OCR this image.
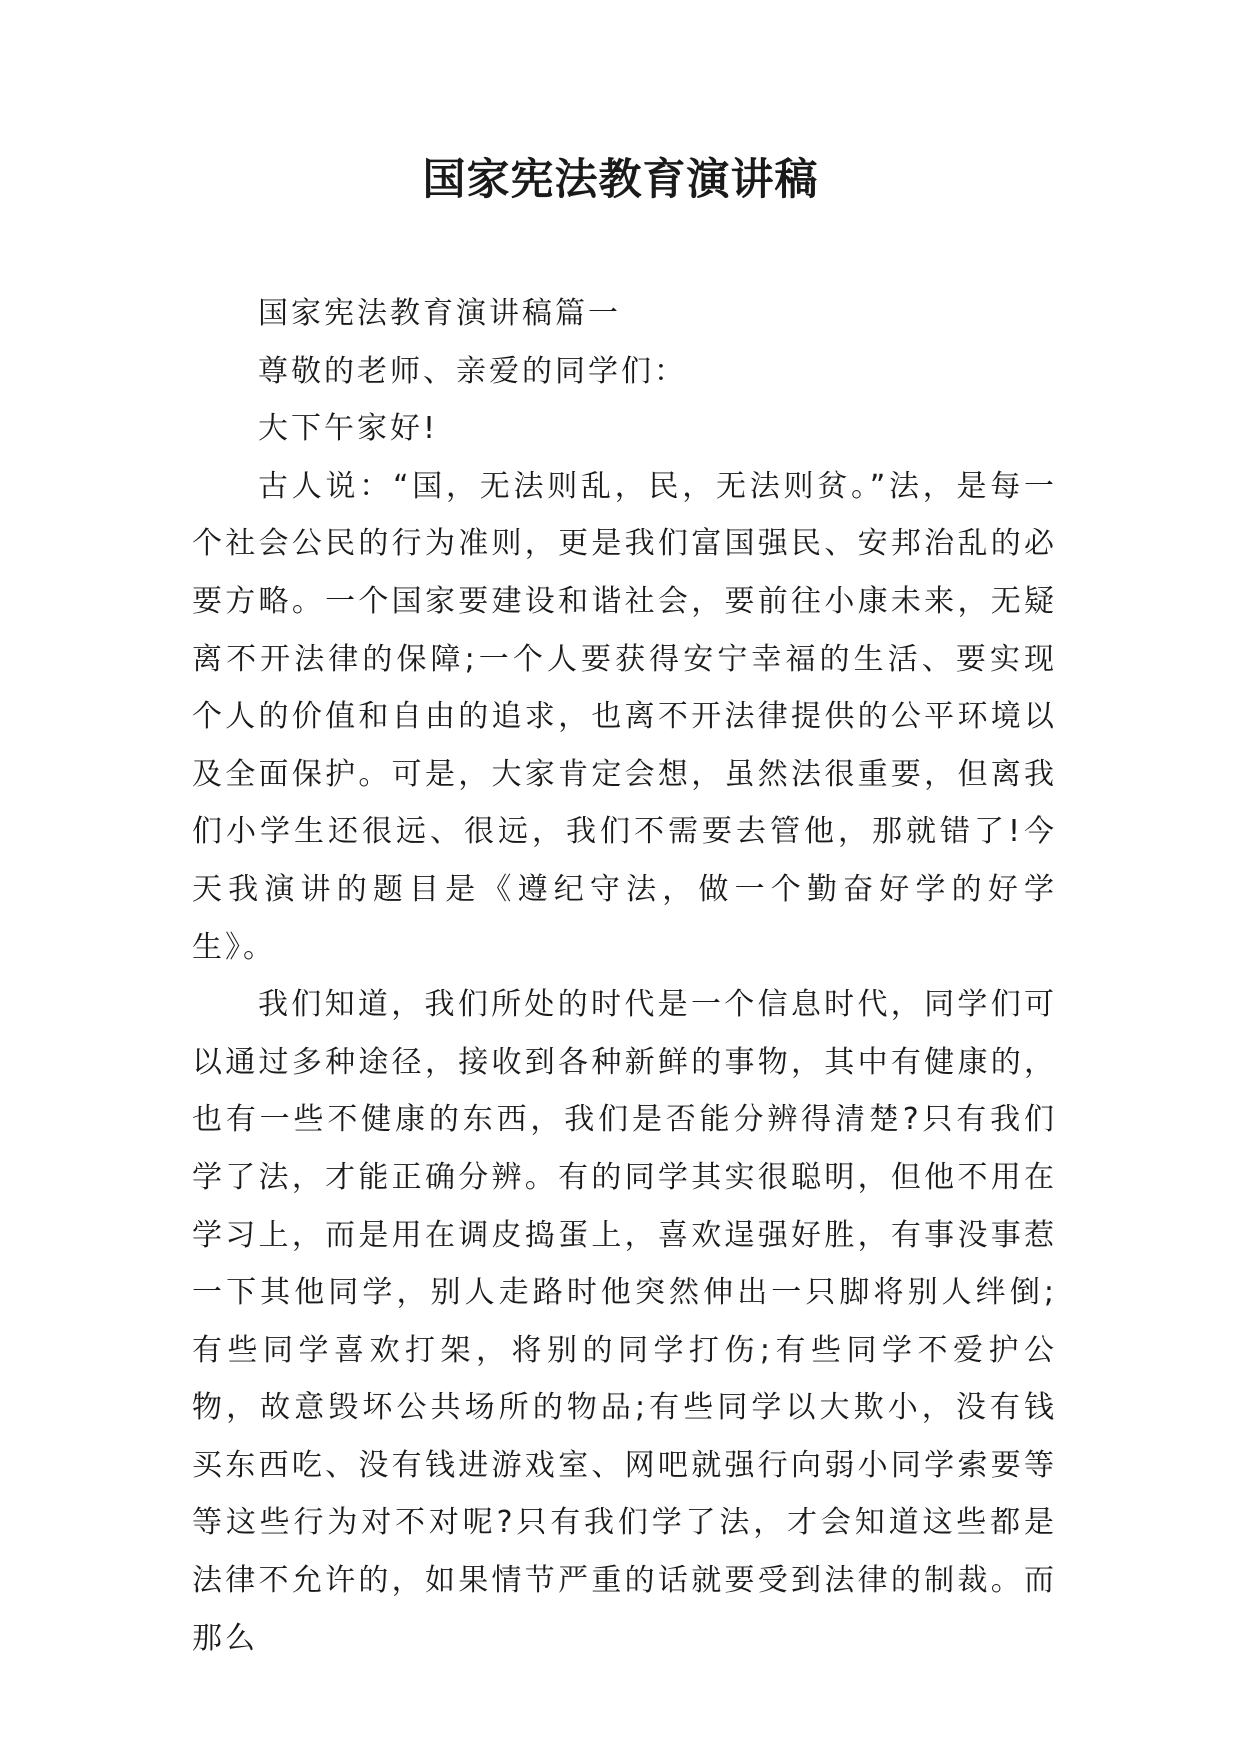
国家宪法教育演讲稿

国家宪法教育演讲稿篇一

尊敬的老师、亲爱的同学们：

大下午家好!

古人说：“国，无法则乱，民，无法则贫。”法，是每一个社会公民的行为准则，更是我们富国强民、安邦治乱的必要方略。一个国家要建设和谐社会，要前往小康未来，无疑离不开法律的保障;一个人要获得安宁幸福的生活、要实现个人的价值和自由的追求，也离不开法律提供的公平环境以及全面保护。可是，大家肯定会想，虽然法很重要，但离我们小学生还很远、很远，我们不需要去管他，那就错了!今天我演讲的题目是《遵纪守法，做一个勤奋好学的好学生》。

我们知道，我们所处的时代是一个信息时代，同学们可以通过多种途径，接收到各种新鲜的事物，其中有健康的，也有一些不健康的东西，我们是否能分辨得清楚?只有我们学了法，才能正确分辨。有的同学其实很聪明，但他不用在学习上，而是用在调皮捣蛋上，喜欢逞强好胜，有事没事惹一下其他同学，别人走路时他突然伸出一只脚将别人绊倒;有些同学喜欢打架，将别的同学打伤;有些同学不爱护公物，故意毁坏公共场所的物品;有些同学以大欺小，没有钱买东西吃、没有钱进游戏室、网吧就强行向弱小同学索要等等这些行为对不对呢?只有我们学了法，才会知道这些都是法律不允许的，如果情节严重的话就要受到法律的制裁。而那么
